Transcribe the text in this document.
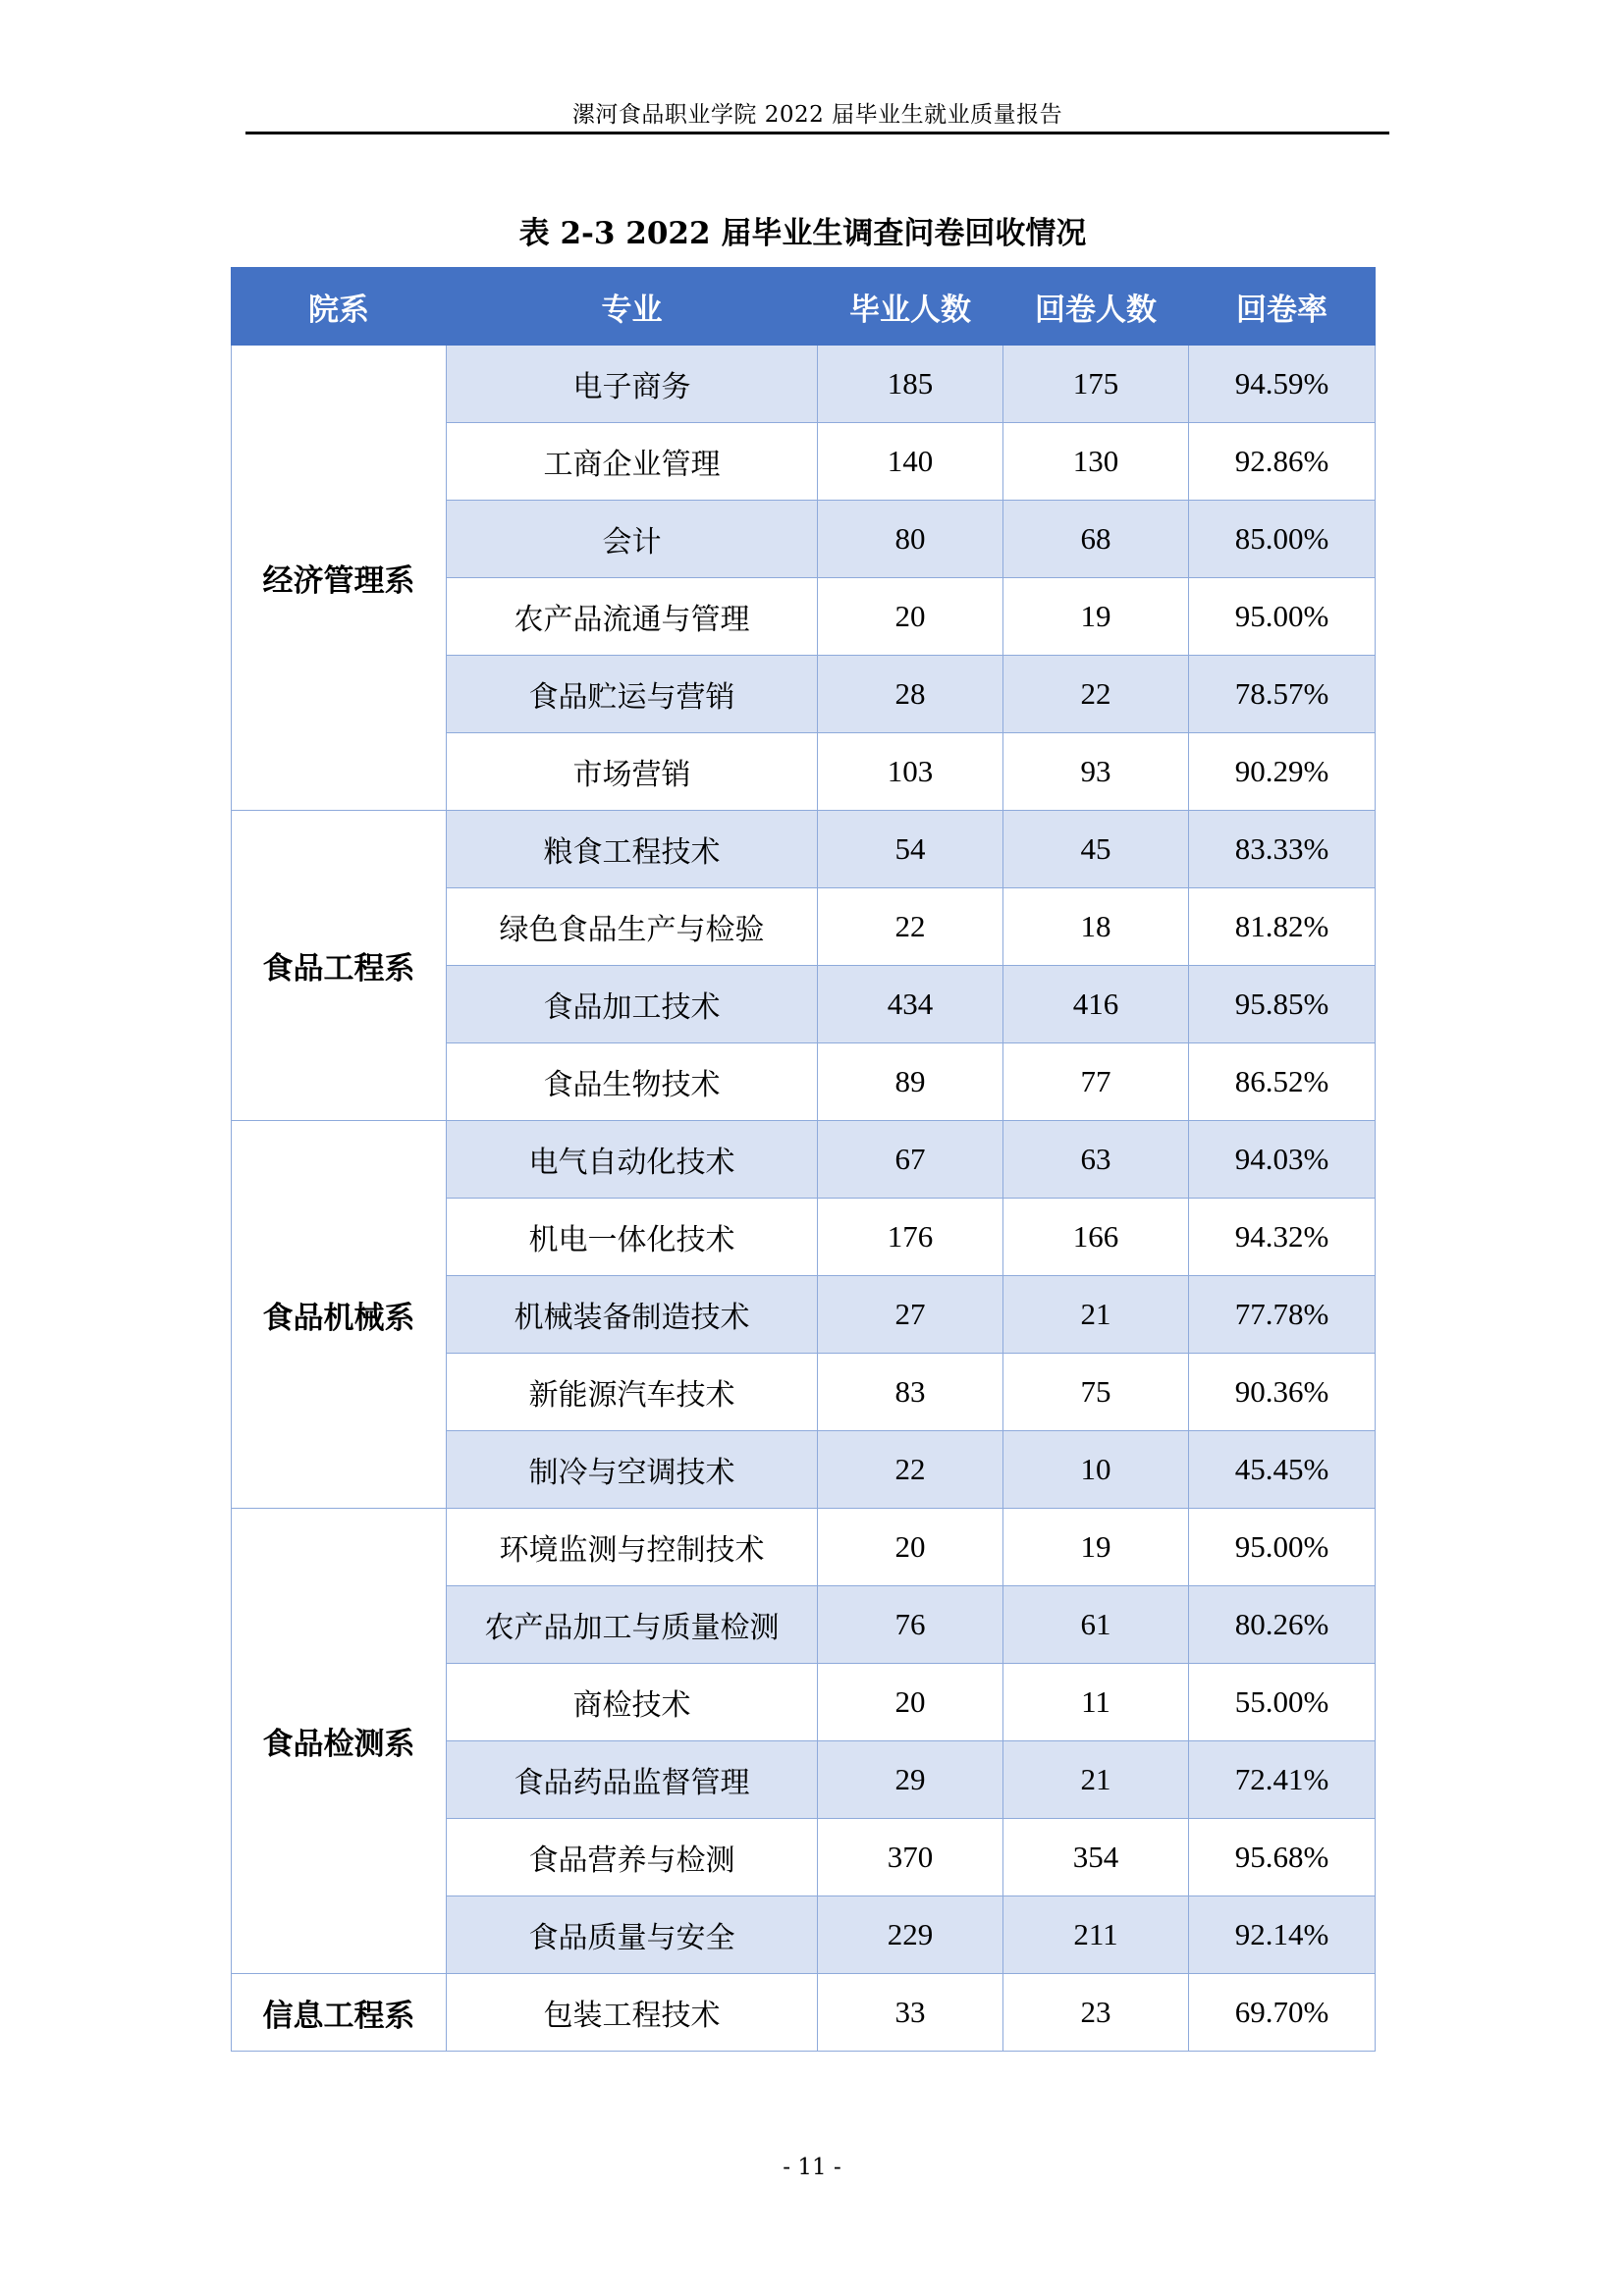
漯河食品职业学院 2022 届毕业生就业质量报告
表 2-3 2022 届毕业生调查问卷回收情况
院系	专业	毕业人数	回卷人数	回卷率
经济管理系	电子商务	185	175	94.59%
	工商企业管理	140	130	92.86%
	会计	80	68	85.00%
	农产品流通与管理	20	19	95.00%
	食品贮运与营销	28	22	78.57%
	市场营销	103	93	90.29%
食品工程系	粮食工程技术	54	45	83.33%
	绿色食品生产与检验	22	18	81.82%
	食品加工技术	434	416	95.85%
	食品生物技术	89	77	86.52%
食品机械系	电气自动化技术	67	63	94.03%
	机电一体化技术	176	166	94.32%
	机械装备制造技术	27	21	77.78%
	新能源汽车技术	83	75	90.36%
	制冷与空调技术	22	10	45.45%
食品检测系	环境监测与控制技术	20	19	95.00%
	农产品加工与质量检测	76	61	80.26%
	商检技术	20	11	55.00%
	食品药品监督管理	29	21	72.41%
	食品营养与检测	370	354	95.68%
	食品质量与安全	229	211	92.14%
信息工程系	包装工程技术	33	23	69.70%
- 11 -
